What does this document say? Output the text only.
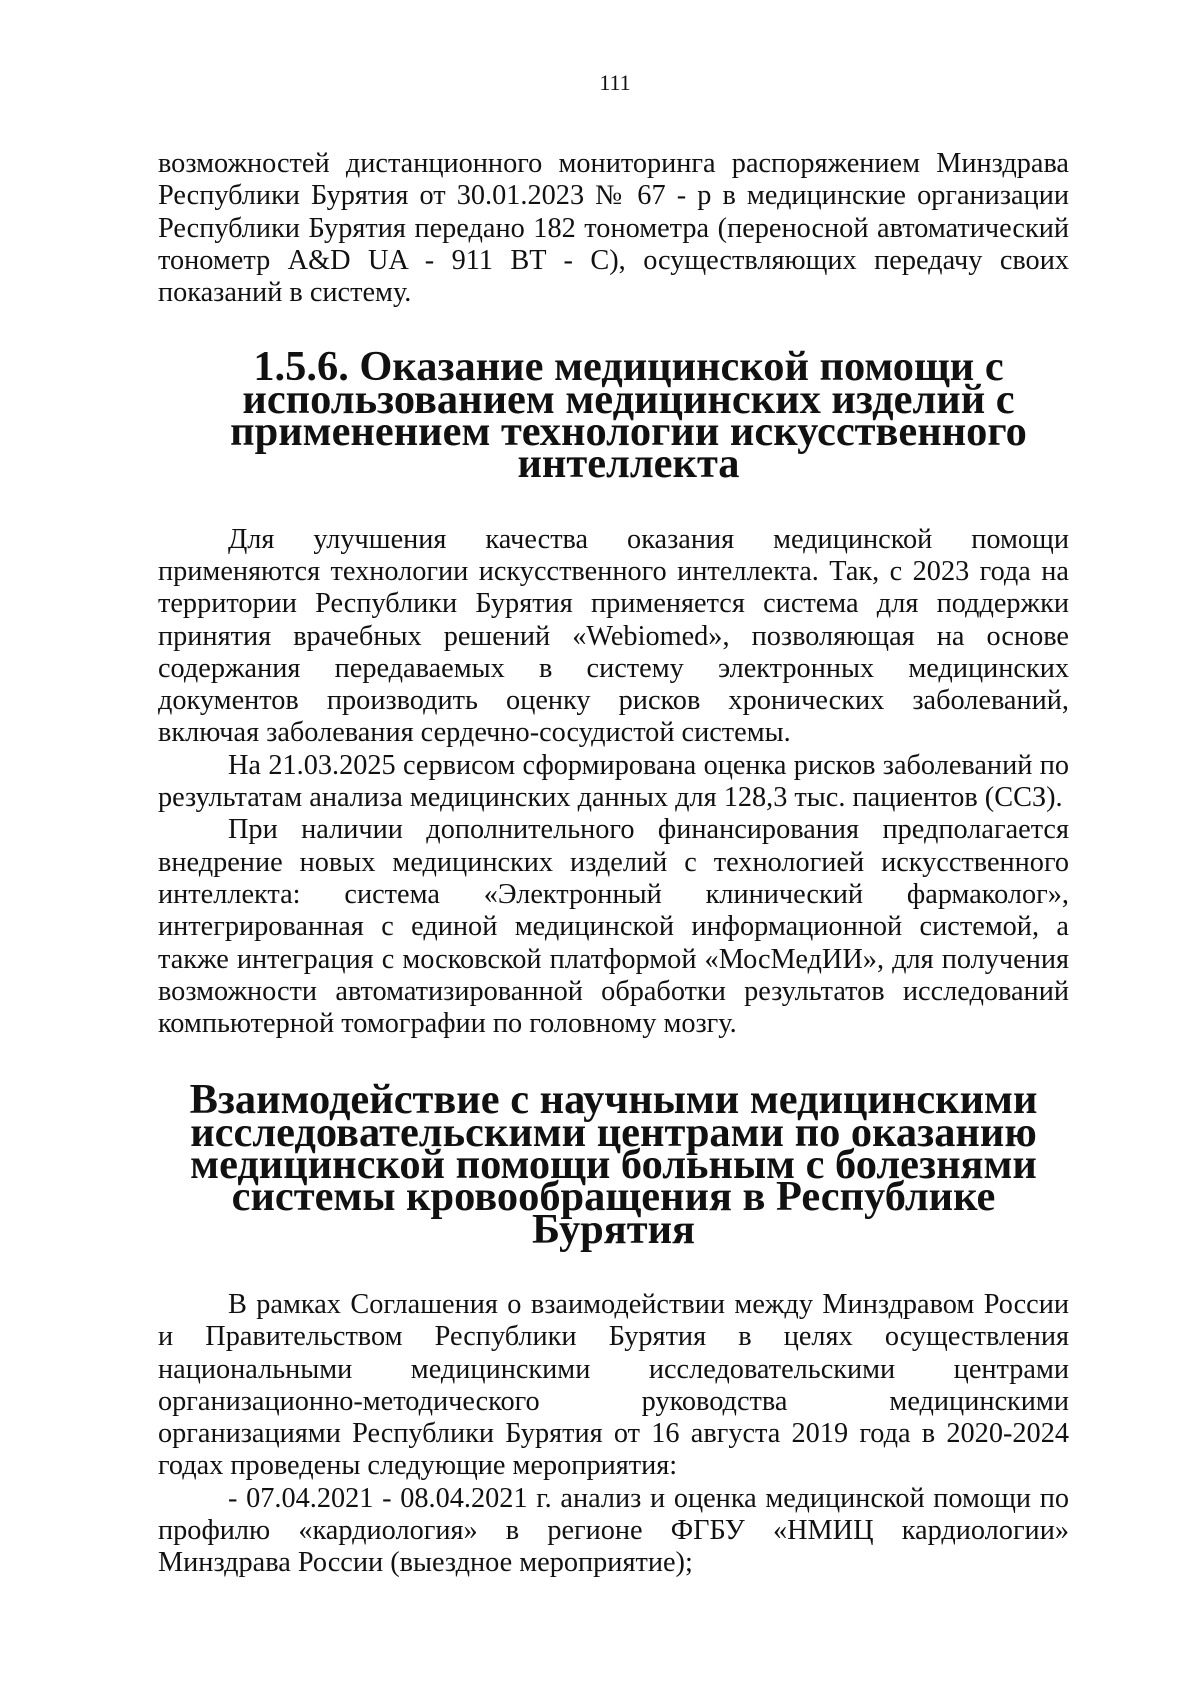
111

возможностей дистанционного мониторинга распоряжением Минздрава Республики Бурятия от 30.01.2023 № 67 - р в медицинские организации Республики Бурятия передано 182 тонометра (переносной автоматический тонометр A&D UA - 911 BT - C), осуществляющих передачу своих показаний в систему.

1.5.6. Оказание медицинской помощи с использованием медицинских изделий с применением технологии искусственного интеллекта

Для улучшения качества оказания медицинской помощи применяются технологии искусственного интеллекта. Так, с 2023 года на территории Республики Бурятия применяется система для поддержки принятия врачебных решений «Webiomed», позволяющая на основе содержания передаваемых в систему электронных медицинских документов производить оценку рисков хронических заболеваний, включая заболевания сердечно-сосудистой системы.

На 21.03.2025 сервисом сформирована оценка рисков заболеваний по результатам анализа медицинских данных для 128,3 тыс. пациентов (ССЗ).

При наличии дополнительного финансирования предполагается внедрение новых медицинских изделий с технологией искусственного интеллекта: система «Электронный клинический фармаколог», интегрированная с единой медицинской информационной системой, а также интеграция с московской платформой «МосМедИИ», для получения возможности автоматизированной обработки результатов исследований компьютерной томографии по головному мозгу.

Взаимодействие с научными медицинскими исследовательскими центрами по оказанию медицинской помощи больным с болезнями системы кровообращения в Республике Бурятия

В рамках Соглашения о взаимодействии между Минздравом России и Правительством Республики Бурятия в целях осуществления национальными медицинскими исследовательскими центрами организационно-методического руководства медицинскими организациями Республики Бурятия от 16 августа 2019 года в 2020-2024 годах проведены следующие мероприятия:

- 07.04.2021 - 08.04.2021 г. анализ и оценка медицинской помощи по профилю «кардиология» в регионе ФГБУ «НМИЦ кардиологии» Минздрава России (выездное мероприятие);
